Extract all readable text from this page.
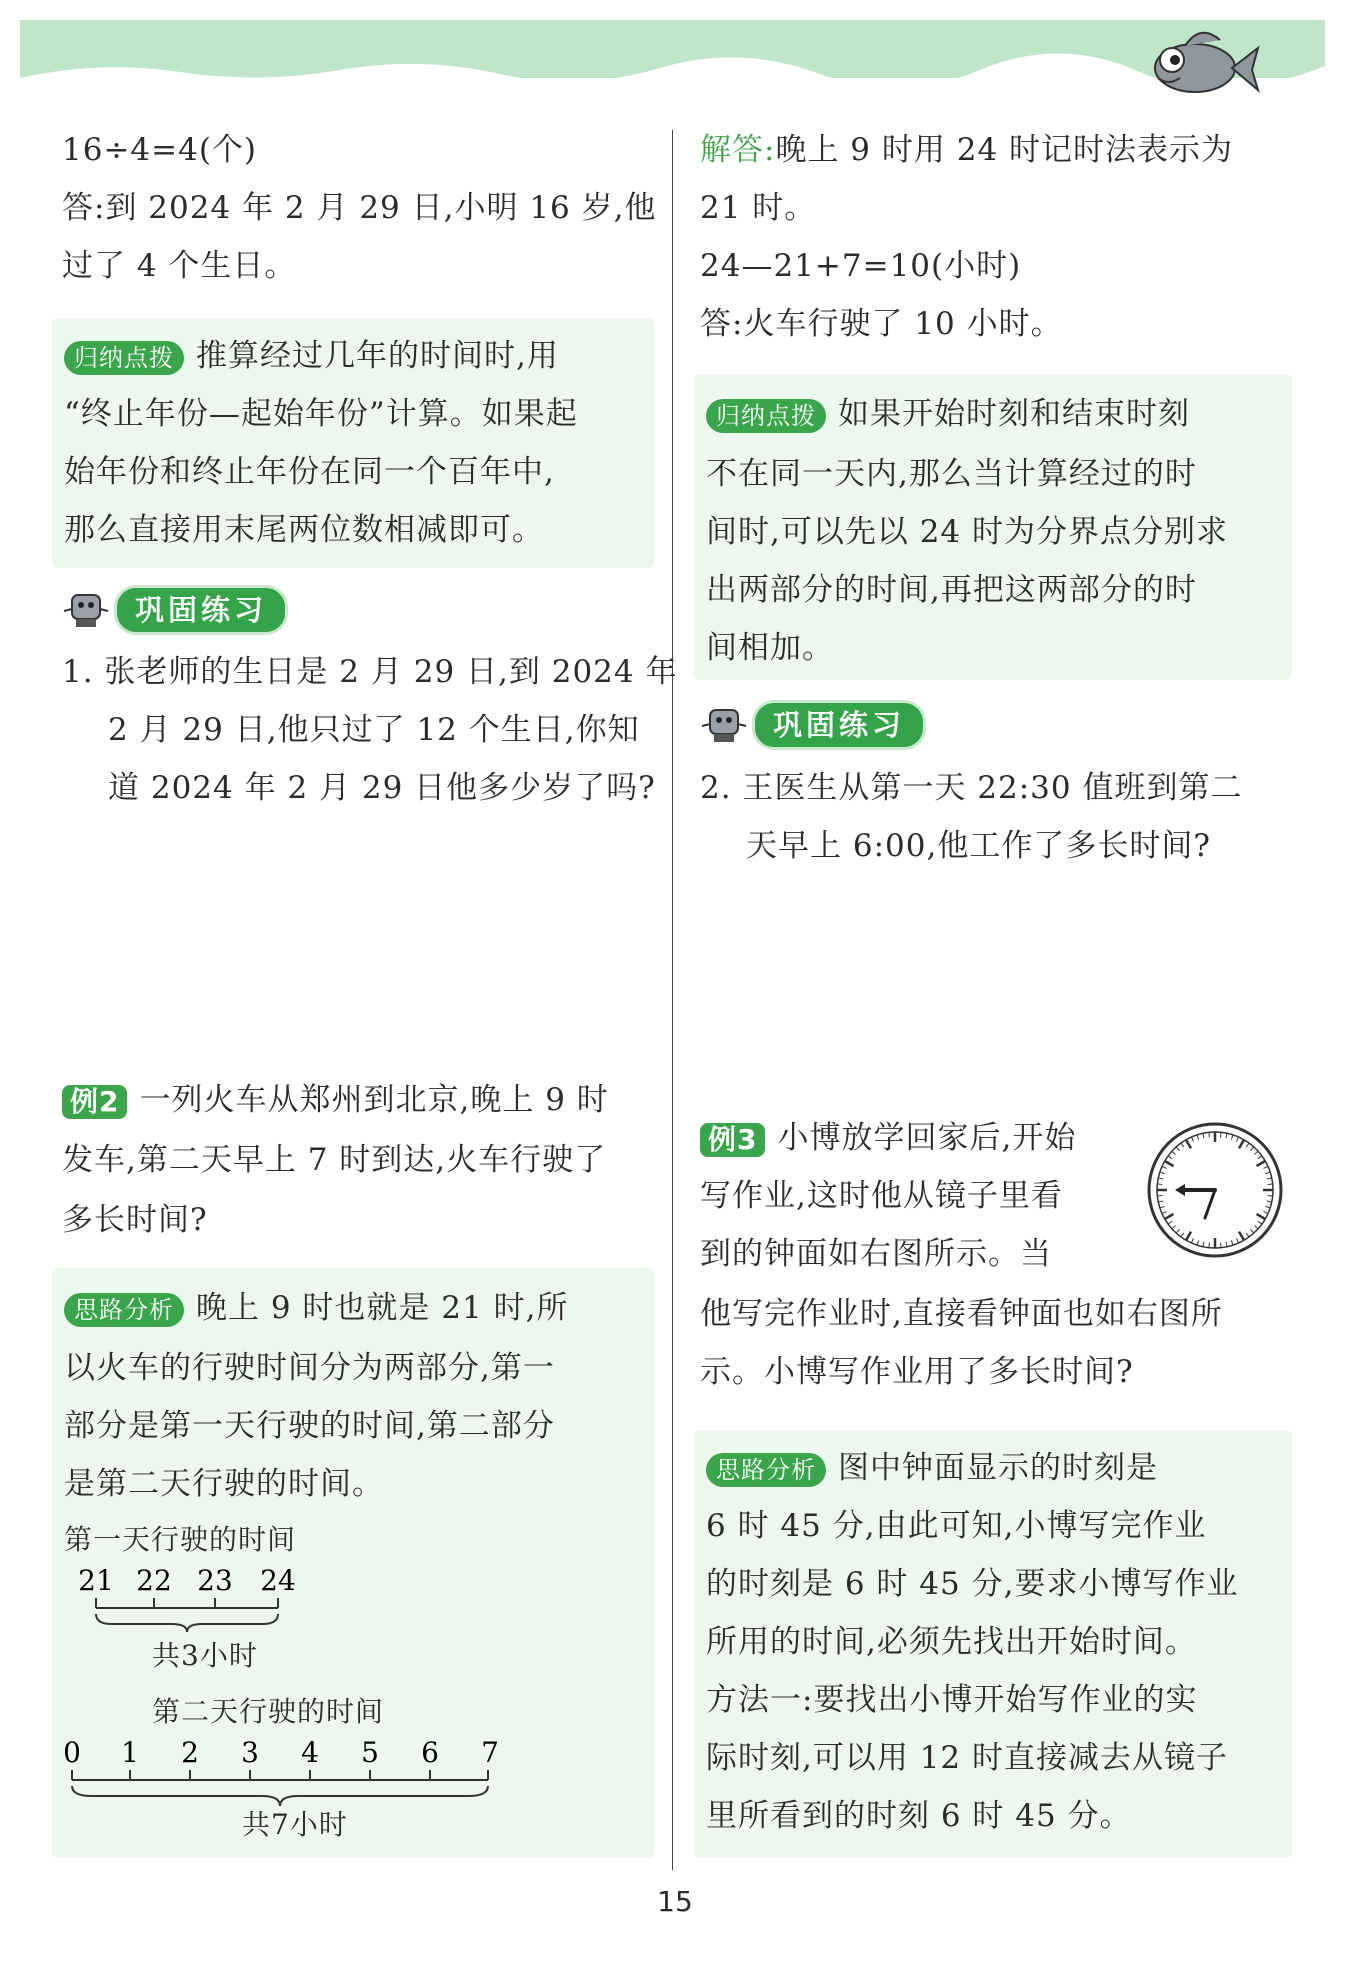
16÷4=4(个)
答:到 2024 年 2 月 29 日,小明 16 岁,他
过了 4 个生日。
归纳点拨 推算经过几年的时间时,用
“终止年份—起始年份”计算。如果起
始年份和终止年份在同一个百年中,
那么直接用末尾两位数相减即可。
巩固练习
1. 张老师的生日是 2 月 29 日,到 2024 年
2 月 29 日,他只过了 12 个生日,你知
道 2024 年 2 月 29 日他多少岁了吗?
例2 一列火车从郑州到北京,晚上 9 时
发车,第二天早上 7 时到达,火车行驶了
多长时间?
思路分析 晚上 9 时也就是 21 时,所
以火车的行驶时间分为两部分,第一
部分是第一天行驶的时间,第二部分
是第二天行驶的时间。
第一天行驶的时间
21 22 23 24
共3小时
第二天行驶的时间
0 1 2 3 4 5 6 7
共7小时
解答:晚上 9 时用 24 时记时法表示为
21 时。
24—21+7=10(小时)
答:火车行驶了 10 小时。
归纳点拨 如果开始时刻和结束时刻
不在同一天内,那么当计算经过的时
间时,可以先以 24 时为分界点分别求
出两部分的时间,再把这两部分的时
间相加。
巩固练习
2. 王医生从第一天 22:30 值班到第二
天早上 6:00,他工作了多长时间?
例3 小博放学回家后,开始
写作业,这时他从镜子里看
到的钟面如右图所示。当
他写完作业时,直接看钟面也如右图所
示。小博写作业用了多长时间?
思路分析 图中钟面显示的时刻是
6 时 45 分,由此可知,小博写完作业
的时刻是 6 时 45 分,要求小博写作业
所用的时间,必须先找出开始时间。
方法一:要找出小博开始写作业的实
际时刻,可以用 12 时直接减去从镜子
里所看到的时刻 6 时 45 分。
15
